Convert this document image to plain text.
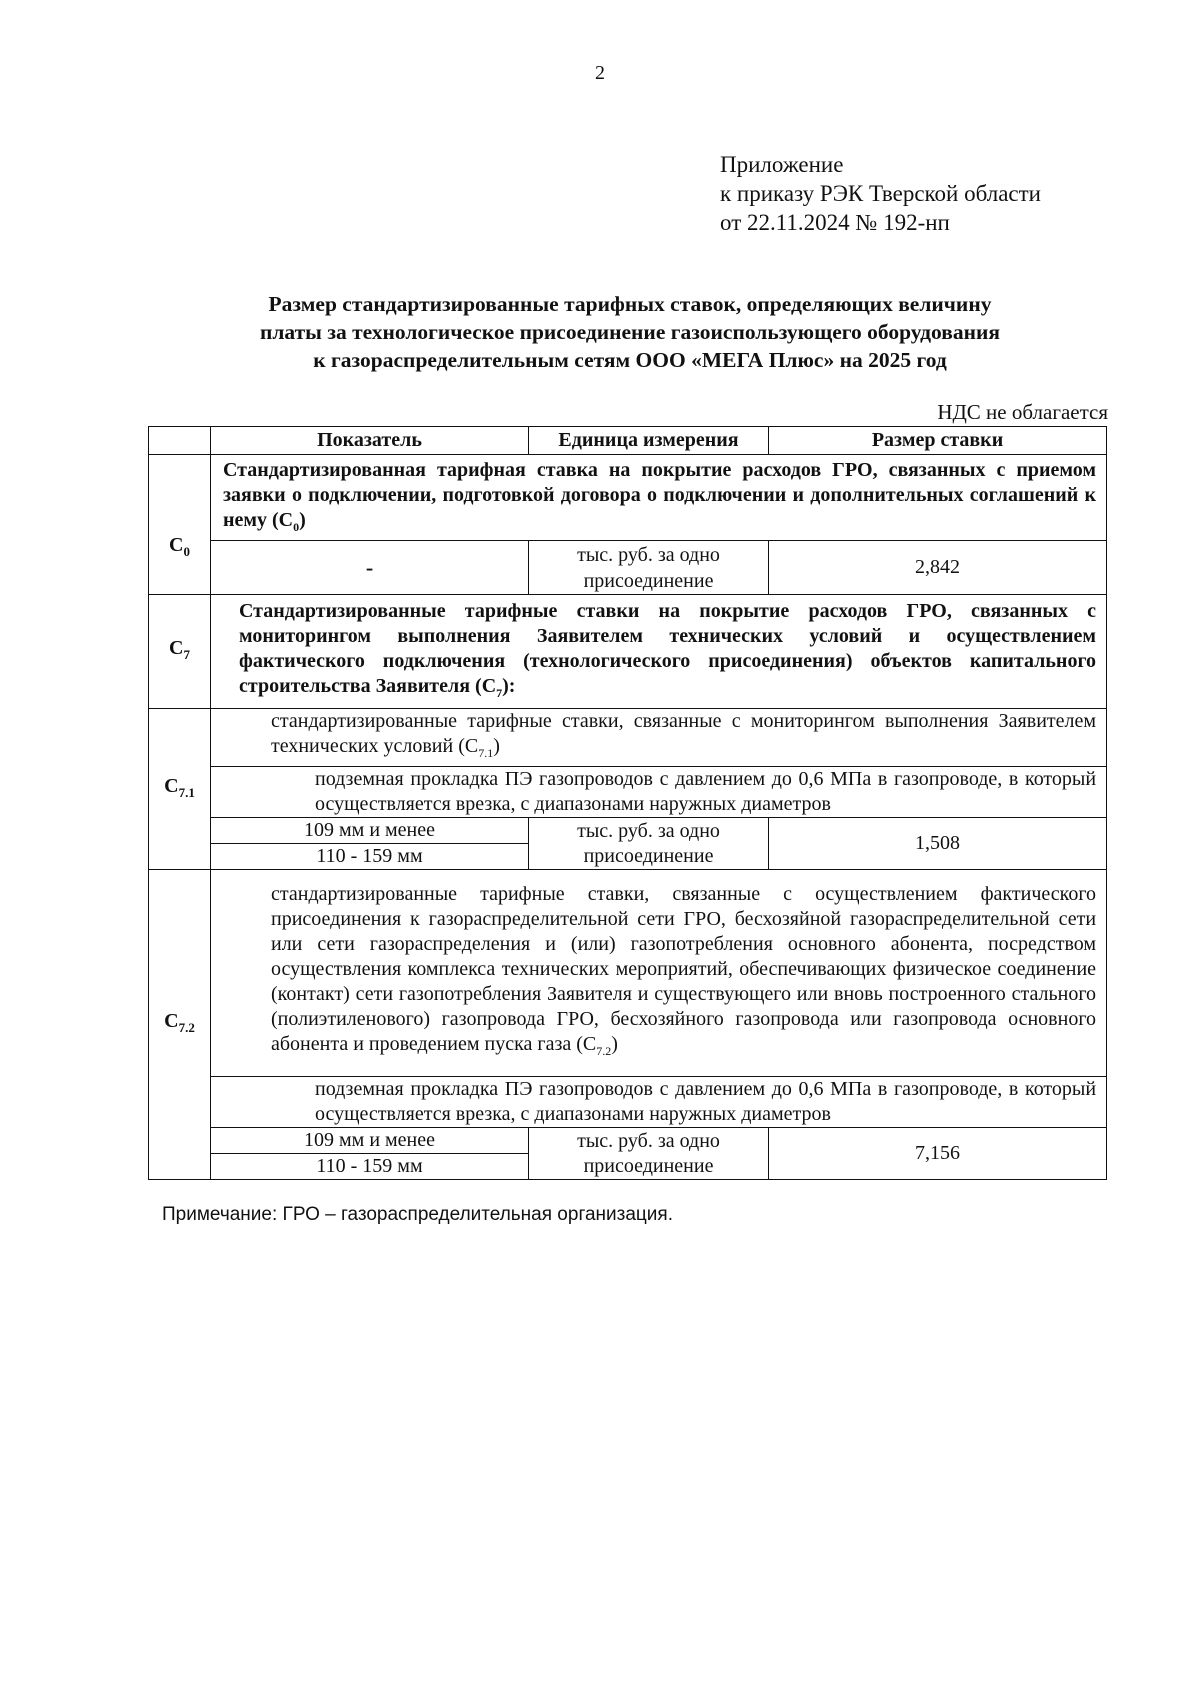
2
Приложение
к приказу РЭК Тверской области
от 22.11.2024 № 192-нп
Размер стандартизированные тарифных ставок, определяющих величину
платы за технологическое присоединение газоиспользующего оборудования
к газораспределительным сетям ООО «МЕГА Плюс» на 2025 год
НДС не облагается
	Показатель	Единица измерения	Размер ставки
$С_0$	Стандартизированная тарифная ставка на покрытие расходов ГРО, связанных с приемом заявки о подключении, подготовкой договора о подключении и дополнительных соглашений к нему $(С_0)$		
	-	тыс. руб. за одно присоединение	2,842
$С_7$	Стандартизированные тарифные ставки на покрытие расходов ГРО, связанных с мониторингом выполнения Заявителем технических условий и осуществлением фактического подключения (технологического присоединения) объектов капитального строительства Заявителя $(С_7)$:		
$С_{7.1}$	стандартизированные тарифные ставки, связанные с мониторингом выполнения Заявителем технических условий $(С_{7.1})$		
	подземная прокладка ПЭ газопроводов с давлением до 0,6 МПа в газопроводе, в который осуществляется врезка, с диапазонами наружных диаметров		
	109 мм и менее	тыс. руб. за одно присоединение	1,508
	110 - 159 мм		
$С_{7.2}$	стандартизированные тарифные ставки, связанные с осуществлением фактического присоединения к газораспределительной сети ГРО, бесхозяйной газораспределительной сети или сети газораспределения и (или) газопотребления основного абонента, посредством осуществления комплекса технических мероприятий, обеспечивающих физическое соединение (контакт) сети газопотребления Заявителя и существующего или вновь построенного стального (полиэтиленового) газопровода ГРО, бесхозяйного газопровода или газопровода основного абонента и проведением пуска газа $(С_{7.2})$		
	подземная прокладка ПЭ газопроводов с давлением до 0,6 МПа в газопроводе, в который осуществляется врезка, с диапазонами наружных диаметров		
	109 мм и менее	тыс. руб. за одно присоединение	7,156
	110 - 159 мм		
Примечание: ГРО – газораспределительная организация.
